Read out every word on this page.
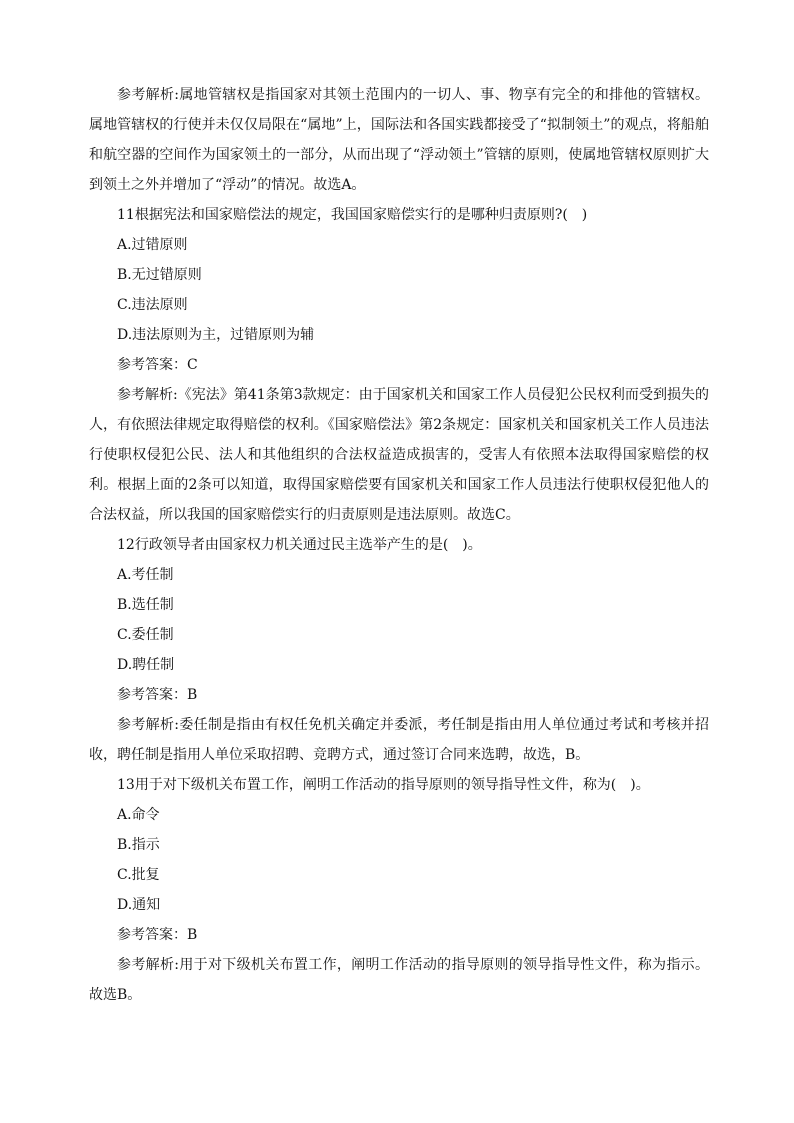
参考解析:属地管辖权是指国家对其领土范围内的一切人、事、物享有完全的和排他的管辖权。属地管辖权的行使并未仅仅局限在“属地”上，国际法和各国实践都接受了“拟制领土”的观点，将船舶和航空器的空间作为国家领土的一部分，从而出现了“浮动领土”管辖的原则，使属地管辖权原则扩大到领土之外并增加了“浮动”的情况。故选A。

11根据宪法和国家赔偿法的规定，我国国家赔偿实行的是哪种归责原则?(　)

A.过错原则

B.无过错原则

C.违法原则

D.违法原则为主，过错原则为辅

参考答案：C

参考解析:《宪法》第41条第3款规定：由于国家机关和国家工作人员侵犯公民权利而受到损失的人，有依照法律规定取得赔偿的权利。《国家赔偿法》第2条规定：国家机关和国家机关工作人员违法行使职权侵犯公民、法人和其他组织的合法权益造成损害的，受害人有依照本法取得国家赔偿的权利。根据上面的2条可以知道，取得国家赔偿要有国家机关和国家工作人员违法行使职权侵犯他人的合法权益，所以我国的国家赔偿实行的归责原则是违法原则。故选C。

12行政领导者由国家权力机关通过民主选举产生的是(　)。

A.考任制

B.选任制

C.委任制

D.聘任制

参考答案：B

参考解析:委任制是指由有权任免机关确定并委派，考任制是指由用人单位通过考试和考核并招收，聘任制是指用人单位采取招聘、竞聘方式，通过签订合同来选聘，故选，B。

13用于对下级机关布置工作，阐明工作活动的指导原则的领导指导性文件，称为(　)。

A.命令

B.指示

C.批复

D.通知

参考答案：B

参考解析:用于对下级机关布置工作，阐明工作活动的指导原则的领导指导性文件，称为指示。故选B。
